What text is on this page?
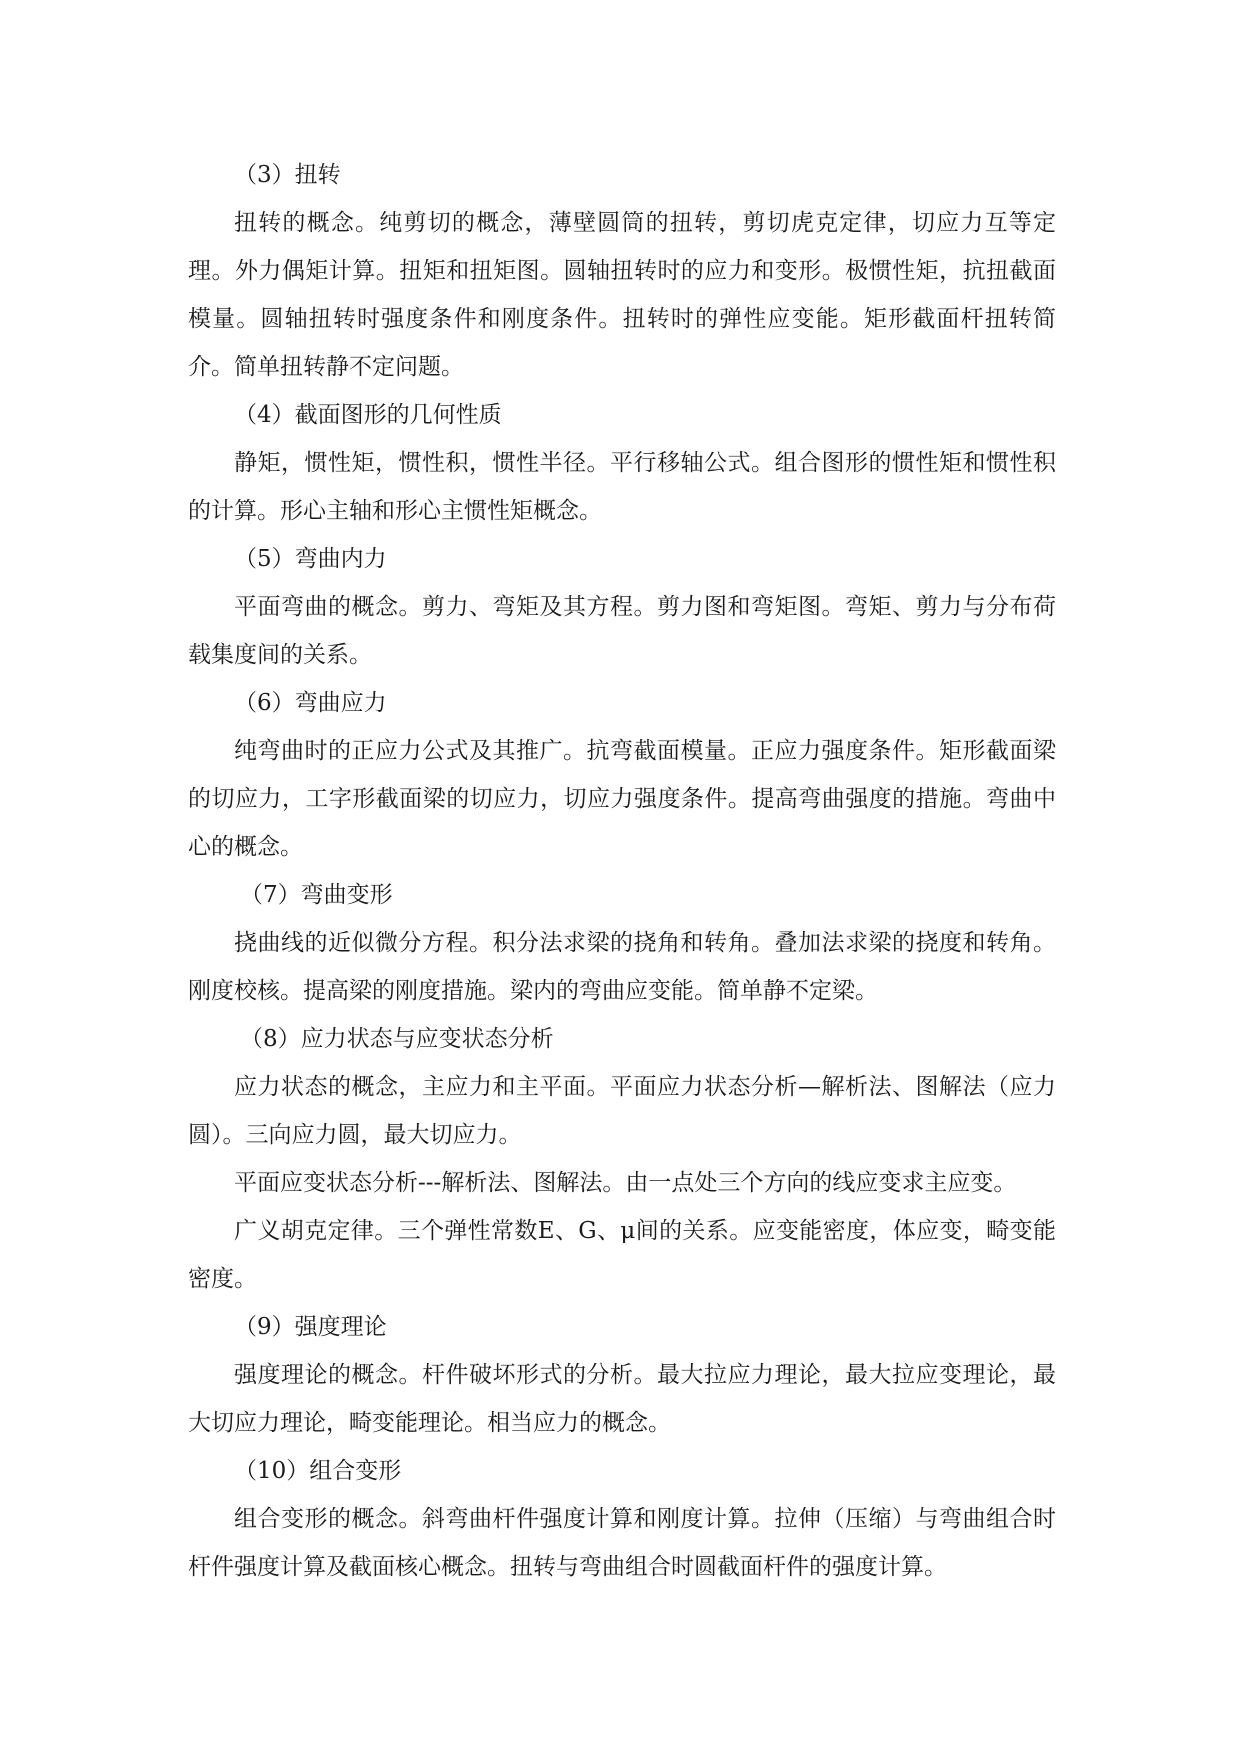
（3）扭转

扭转的概念。纯剪切的概念，薄壁圆筒的扭转，剪切虎克定律，切应力互等定理。外力偶矩计算。扭矩和扭矩图。圆轴扭转时的应力和变形。极惯性矩，抗扭截面模量。圆轴扭转时强度条件和刚度条件。扭转时的弹性应变能。矩形截面杆扭转简介。简单扭转静不定问题。

（4）截面图形的几何性质

静矩，惯性矩，惯性积，惯性半径。平行移轴公式。组合图形的惯性矩和惯性积的计算。形心主轴和形心主惯性矩概念。

（5）弯曲内力

平面弯曲的概念。剪力、弯矩及其方程。剪力图和弯矩图。弯矩、剪力与分布荷载集度间的关系。

（6）弯曲应力

纯弯曲时的正应力公式及其推广。抗弯截面模量。正应力强度条件。矩形截面梁的切应力，工字形截面梁的切应力，切应力强度条件。提高弯曲强度的措施。弯曲中心的概念。

（7）弯曲变形

挠曲线的近似微分方程。积分法求梁的挠角和转角。叠加法求梁的挠度和转角。刚度校核。提高梁的刚度措施。梁内的弯曲应变能。简单静不定梁。

（8）应力状态与应变状态分析

应力状态的概念，主应力和主平面。平面应力状态分析—解析法、图解法（应力圆）。三向应力圆，最大切应力。

平面应变状态分析---解析法、图解法。由一点处三个方向的线应变求主应变。

广义胡克定律。三个弹性常数E、G、μ间的关系。应变能密度，体应变，畸变能密度。

（9）强度理论

强度理论的概念。杆件破坏形式的分析。最大拉应力理论，最大拉应变理论，最大切应力理论，畸变能理论。相当应力的概念。

（10）组合变形

组合变形的概念。斜弯曲杆件强度计算和刚度计算。拉伸（压缩）与弯曲组合时杆件强度计算及截面核心概念。扭转与弯曲组合时圆截面杆件的强度计算。
